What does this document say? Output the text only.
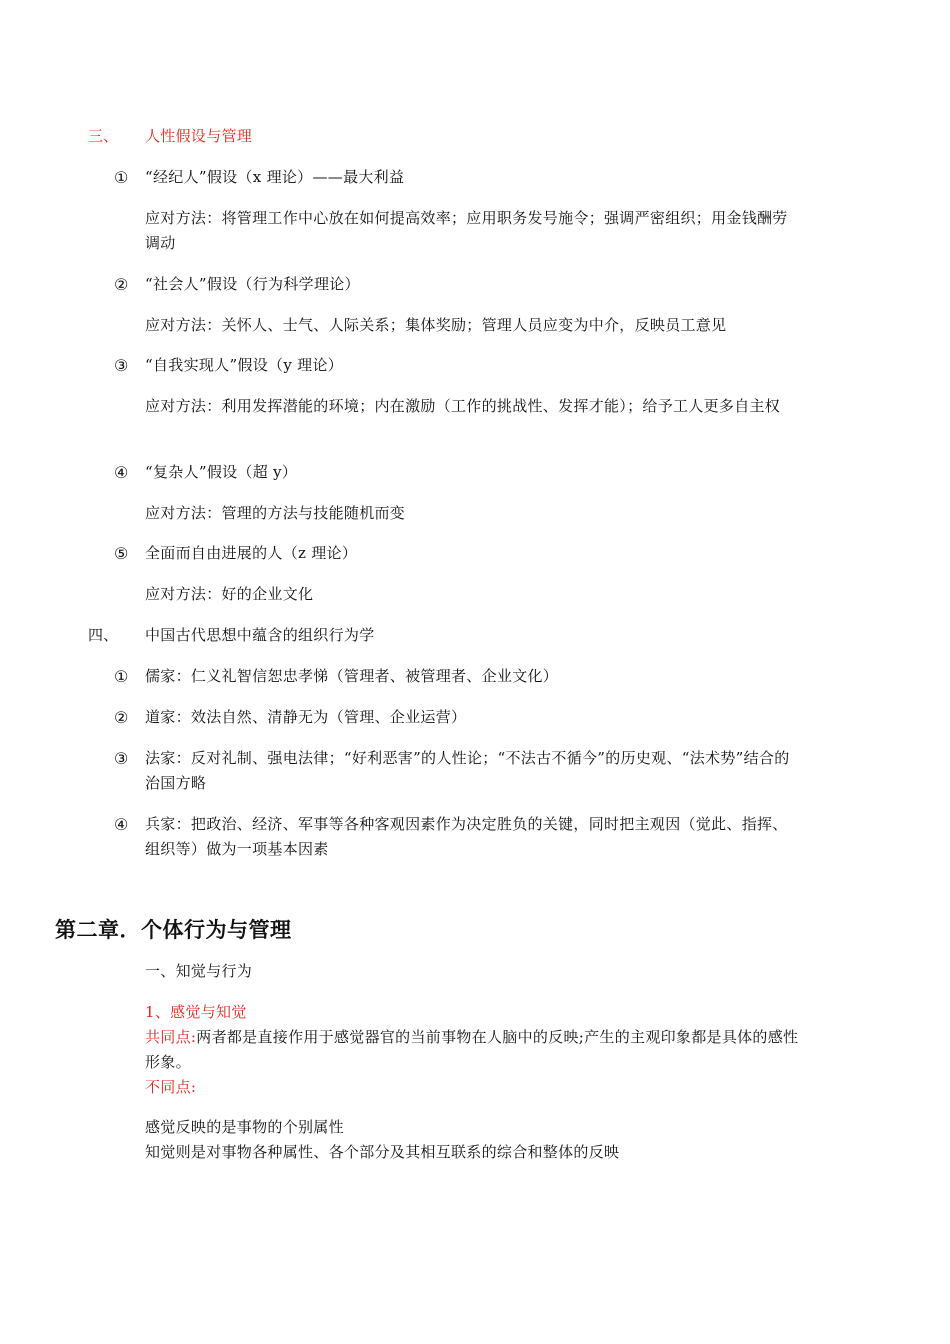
三、 人性假设与管理
① “经纪人”假设（x 理论）——最大利益
应对方法：将管理工作中心放在如何提高效率；应用职务发号施令；强调严密组织；用金钱酬劳调动
② “社会人”假设（行为科学理论）
应对方法：关怀人、士气、人际关系；集体奖励；管理人员应变为中介，反映员工意见
③ “自我实现人”假设（y 理论）
应对方法：利用发挥潜能的环境；内在激励（工作的挑战性、发挥才能）；给予工人更多自主权
④ “复杂人”假设（超 y）
应对方法：管理的方法与技能随机而变
⑤ 全面而自由进展的人（z 理论）
应对方法：好的企业文化
四、 中国古代思想中蕴含的组织行为学
① 儒家：仁义礼智信恕忠孝悌（管理者、被管理者、企业文化）
② 道家：效法自然、清静无为（管理、企业运营）
③ 法家：反对礼制、强电法律；“好利恶害”的人性论；“不法古不循今”的历史观、“法术势”结合的治国方略
④ 兵家：把政治、经济、军事等各种客观因素作为决定胜负的关键，同时把主观因（觉此、指挥、组织等）做为一项基本因素
第二章．个体行为与管理
一、知觉与行为
1、感觉与知觉
共同点:两者都是直接作用于感觉器官的当前事物在人脑中的反映;产生的主观印象都是具体的感性形象。
不同点:
感觉反映的是事物的个别属性
知觉则是对事物各种属性、各个部分及其相互联系的综合和整体的反映
